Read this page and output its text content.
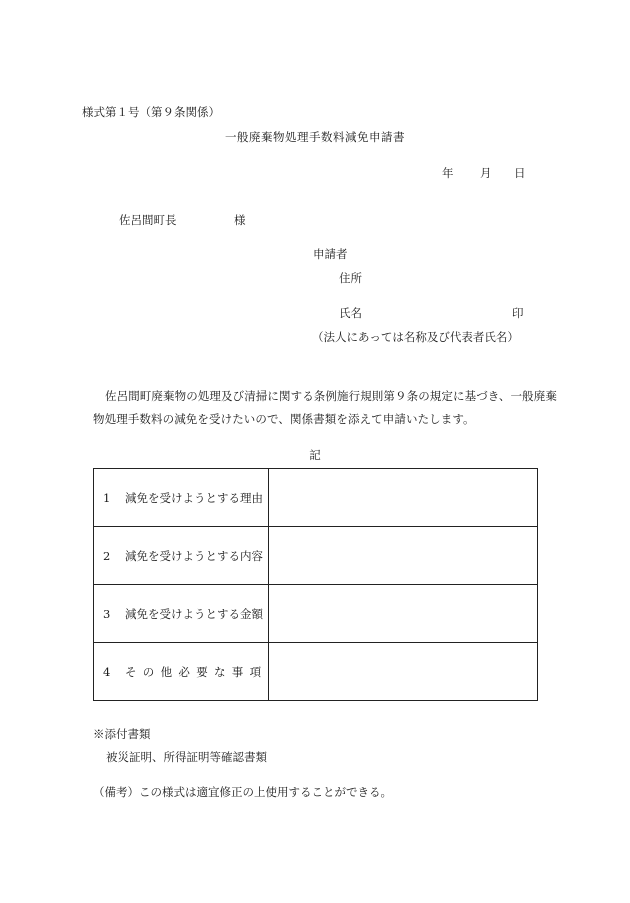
様式第１号（第９条関係）
一般廃棄物処理手数料減免申請書
年 月 日
佐呂間町長	様
申請者
住所
氏名	印
（法人にあっては名称及び代表者氏名）
佐呂間町廃棄物の処理及び清掃に関する条例施行規則第９条の規定に基づき、一般廃棄物処理手数料の減免を受けたいので、関係書類を添えて申請いたします。
記
1 減免を受けようとする理由	
2 減免を受けようとする内容	
3 減免を受けようとする金額	
4 その他必要な事項	
※添付書類
被災証明、所得証明等確認書類
（備考）この様式は適宜修正の上使用することができる。
